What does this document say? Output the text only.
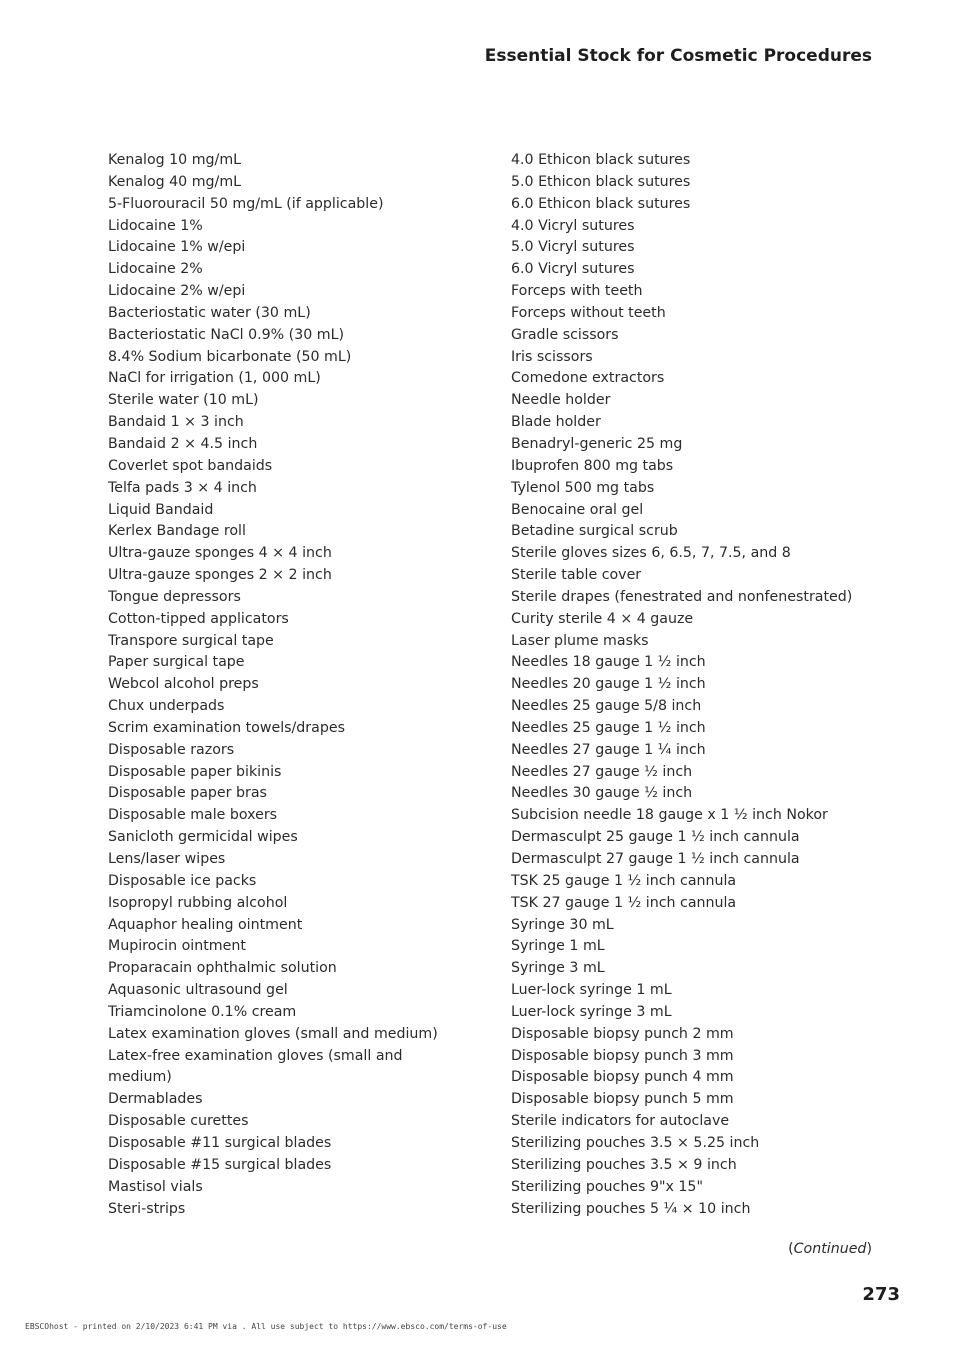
Essential Stock for Cosmetic Procedures
Kenalog 10 mg/mL
Kenalog 40 mg/mL
5-Fluorouracil 50 mg/mL (if applicable)
Lidocaine 1%
Lidocaine 1% w/epi
Lidocaine 2%
Lidocaine 2% w/epi
Bacteriostatic water (30 mL)
Bacteriostatic NaCl 0.9% (30 mL)
8.4% Sodium bicarbonate (50 mL)
NaCl for irrigation (1, 000 mL)
Sterile water (10 mL)
Bandaid 1 × 3 inch
Bandaid 2 × 4.5 inch
Coverlet spot bandaids
Telfa pads 3 × 4 inch
Liquid Bandaid
Kerlex Bandage roll
Ultra-gauze sponges 4 × 4 inch
Ultra-gauze sponges 2 × 2 inch
Tongue depressors
Cotton-tipped applicators
Transpore surgical tape
Paper surgical tape
Webcol alcohol preps
Chux underpads
Scrim examination towels/drapes
Disposable razors
Disposable paper bikinis
Disposable paper bras
Disposable male boxers
Sanicloth germicidal wipes
Lens/laser wipes
Disposable ice packs
Isopropyl rubbing alcohol
Aquaphor healing ointment
Mupirocin ointment
Proparacain ophthalmic solution
Aquasonic ultrasound gel
Triamcinolone 0.1% cream
Latex examination gloves (small and medium)
Latex-free examination gloves (small and
medium)
Dermablades
Disposable curettes
Disposable #11 surgical blades
Disposable #15 surgical blades
Mastisol vials
Steri-strips
4.0 Ethicon black sutures
5.0 Ethicon black sutures
6.0 Ethicon black sutures
4.0 Vicryl sutures
5.0 Vicryl sutures
6.0 Vicryl sutures
Forceps with teeth
Forceps without teeth
Gradle scissors
Iris scissors
Comedone extractors
Needle holder
Blade holder
Benadryl-generic 25 mg
Ibuprofen 800 mg tabs
Tylenol 500 mg tabs
Benocaine oral gel
Betadine surgical scrub
Sterile gloves sizes 6, 6.5, 7, 7.5, and 8
Sterile table cover
Sterile drapes (fenestrated and nonfenestrated)
Curity sterile 4 × 4 gauze
Laser plume masks
Needles 18 gauge 1 ½ inch
Needles 20 gauge 1 ½ inch
Needles 25 gauge 5/8 inch
Needles 25 gauge 1 ½ inch
Needles 27 gauge 1 ¼ inch
Needles 27 gauge ½ inch
Needles 30 gauge ½ inch
Subcision needle 18 gauge x 1 ½ inch Nokor
Dermasculpt 25 gauge 1 ½ inch cannula
Dermasculpt 27 gauge 1 ½ inch cannula
TSK 25 gauge 1 ½ inch cannula
TSK 27 gauge 1 ½ inch cannula
Syringe 30 mL
Syringe 1 mL
Syringe 3 mL
Luer-lock syringe 1 mL
Luer-lock syringe 3 mL
Disposable biopsy punch 2 mm
Disposable biopsy punch 3 mm
Disposable biopsy punch 4 mm
Disposable biopsy punch 5 mm
Sterile indicators for autoclave
Sterilizing pouches 3.5 × 5.25 inch
Sterilizing pouches 3.5 × 9 inch
Sterilizing pouches 9"x 15"
Sterilizing pouches 5 ¼ × 10 inch
(Continued)
273
EBSCOhost - printed on 2/10/2023 6:41 PM via . All use subject to https://www.ebsco.com/terms-of-use
